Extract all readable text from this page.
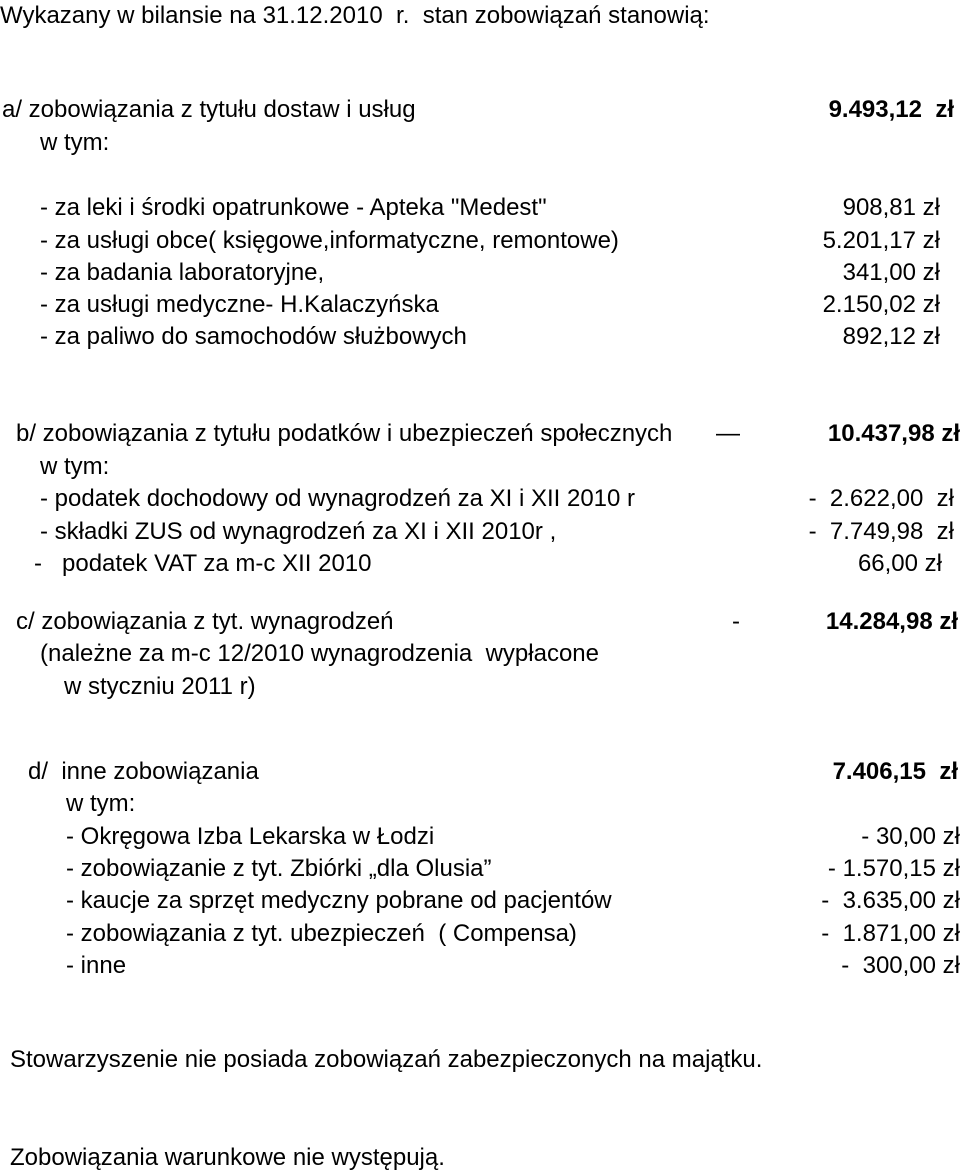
Wykazany w bilansie na 31.12.2010  r.  stan zobowiązań stanowią:
a/ zobowiązania z tytułu dostaw i usług	9.493,12  zł
w tym:
- za leki i środki opatrunkowe - Apteka "Medest"	908,81 zł
- za usługi obce( księgowe,informatyczne, remontowe)	5.201,17 zł
- za badania laboratoryjne,	341,00 zł
- za usługi medyczne- H.Kalaczyńska	2.150,02 zł
- za paliwo do samochodów służbowych	892,12 zł
b/ zobowiązania z tytułu podatków i ubezpieczeń społecznych —	10.437,98 zł
w tym:
- podatek dochodowy od wynagrodzeń za XI i XII 2010 r	-  2.622,00  zł
- składki ZUS od wynagrodzeń za XI i XII 2010r ,	-  7.749,98  zł
-   podatek VAT za m-c XII 2010	66,00 zł
c/ zobowiązania z tyt. wynagrodzeń	-	14.284,98 zł
(należne za m-c 12/2010 wynagrodzenia  wypłacone
w styczniu 2011 r)
d/  inne zobowiązania	7.406,15  zł
w tym:
- Okręgowa Izba Lekarska w Łodzi	- 30,00 zł
- zobowiązanie z tyt. Zbiórki „dla Olusia”	- 1.570,15 zł
- kaucje za sprzęt medyczny pobrane od pacjentów	-  3.635,00 zł
- zobowiązania z tyt. ubezpieczeń  ( Compensa)	-  1.871,00 zł
- inne	-  300,00 zł
Stowarzyszenie nie posiada zobowiązań zabezpieczonych na majątku.
Zobowiązania warunkowe nie występują.
